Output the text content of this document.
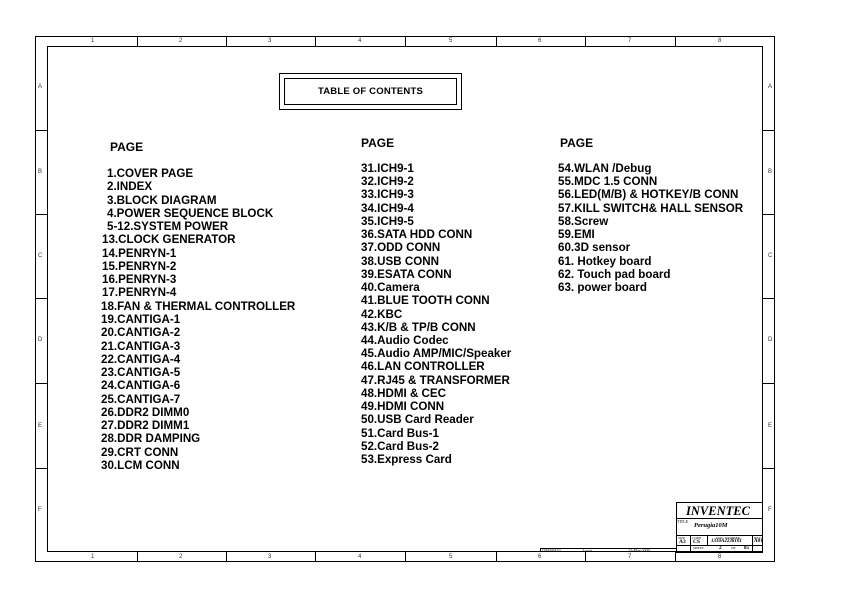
1
1
2
2
3
3
4
4
5
5
6
6
7
7
8
8
A	A
B	B
C	C
D	D
E	E
F	F
TABLE OF CONTENTS
PAGE	PAGE	PAGE
1.COVER PAGE
2.INDEX
3.BLOCK DIAGRAM
4.POWER SEQUENCE BLOCK
5-12.SYSTEM POWER
13.CLOCK GENERATOR
14.PENRYN-1
15.PENRYN-2
16.PENRYN-3
17.PENRYN-4
18.FAN & THERMAL CONTROLLER
19.CANTIGA-1
20.CANTIGA-2
21.CANTIGA-3
22.CANTIGA-4
23.CANTIGA-5
24.CANTIGA-6
25.CANTIGA-7
26.DDR2 DIMM0
27.DDR2 DIMM1
28.DDR DAMPING
29.CRT CONN
30.LCM CONN
31.ICH9-1
32.ICH9-2
33.ICH9-3
34.ICH9-4
35.ICH9-5
36.SATA HDD CONN
37.ODD CONN
38.USB CONN
39.ESATA CONN
40.Camera
41.BLUE TOOTH CONN
42.KBC
43.K/B & TP/B CONN
44.Audio Codec
45.Audio AMP/MIC/Speaker
46.LAN CONTROLLER
47.RJ45 & TRANSFORMER
48.HDMI & CEC
49.HDMI CONN
50.USB Card Reader
51.Card Bus-1
52.Card Bus-2
53.Express Card
54.WLAN /Debug
55.MDC 1.5 CONN
56.LED(M/B) & HOTKEY/B CONN
57.KILL SWITCH& HALL SENSOR
58.Screw
59.EMI
60.3D sensor
61. Hotkey board
62. Touch pad board
63. power board
INVENTEC
TITLE
Perugia10M
SIZE
A3
CODE
CS
DOC. NUMBER
1310A2238101
REV
A01
SHEET	2	OF 85
CHANGE by	Lewis	12-Mar-2009
